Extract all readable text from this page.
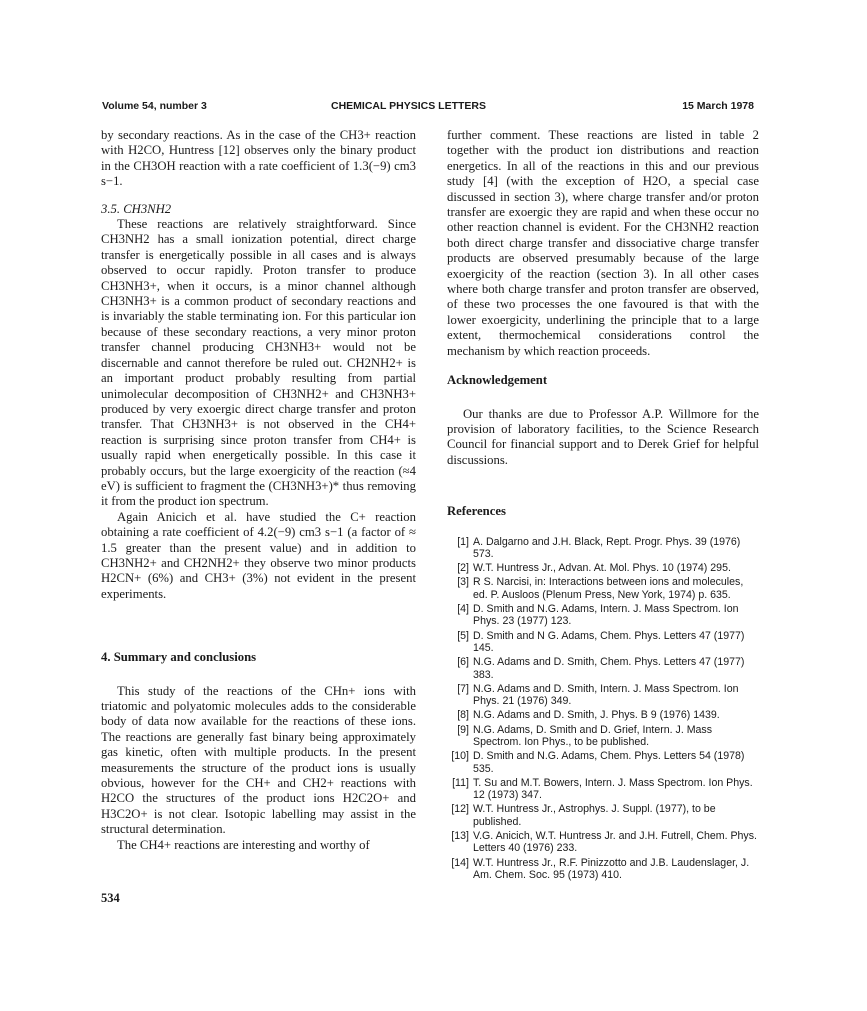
Volume 54, number 3	CHEMICAL PHYSICS LETTERS	15 March 1978

by secondary reactions. As in the case of the CH3+ reaction with H2CO, Huntress [12] observes only the binary product in the CH3OH reaction with a rate coefficient of 1.3(−9) cm3 s−1.

3.5. CH3NH2

These reactions are relatively straightforward. Since CH3NH2 has a small ionization potential, direct charge transfer is energetically possible in all cases and is always observed to occur rapidly. Proton transfer to produce CH3NH3+, when it occurs, is a minor channel although CH3NH3+ is a common product of secondary reactions and is invariably the stable terminating ion. For this particular ion because of these secondary reactions, a very minor proton transfer channel producing CH3NH3+ would not be discernable and cannot therefore be ruled out. CH2NH2+ is an important product probably resulting from partial unimolecular decomposition of CH3NH2+ and CH3NH3+ produced by very exoergic direct charge transfer and proton transfer. That CH3NH3+ is not observed in the CH4+ reaction is surprising since proton transfer from CH4+ is usually rapid when energetically possible. In this case it probably occurs, but the large exoergicity of the reaction (≈4 eV) is sufficient to fragment the (CH3NH3+)* thus removing it from the product ion spectrum.

Again Anicich et al. have studied the C+ reaction obtaining a rate coefficient of 4.2(−9) cm3 s−1 (a factor of ≈ 1.5 greater than the present value) and in addition to CH3NH2+ and CH2NH2+ they observe two minor products H2CN+ (6%) and CH3+ (3%) not evident in the present experiments.

4. Summary and conclusions

This study of the reactions of the CHn+ ions with triatomic and polyatomic molecules adds to the considerable body of data now available for the reactions of these ions. The reactions are generally fast binary being approximately gas kinetic, often with multiple products. In the present measurements the structure of the product ions is usually obvious, however for the CH+ and CH2+ reactions with H2CO the structures of the product ions H2C2O+ and H3C2O+ is not clear. Isotopic labelling may assist in the structural determination.

The CH4+ reactions are interesting and worthy of

further comment. These reactions are listed in table 2 together with the product ion distributions and reaction energetics. In all of the reactions in this and our previous study [4] (with the exception of H2O, a special case discussed in section 3), where charge transfer and/or proton transfer are exoergic they are rapid and when these occur no other reaction channel is evident. For the CH3NH2 reaction both direct charge transfer and dissociative charge transfer products are observed presumably because of the large exoergicity of the reaction (section 3). In all other cases where both charge transfer and proton transfer are observed, of these two processes the one favoured is that with the lower exoergicity, underlining the principle that to a large extent, thermochemical considerations control the mechanism by which reaction proceeds.

Acknowledgement

Our thanks are due to Professor A.P. Willmore for the provision of laboratory facilities, to the Science Research Council for financial support and to Derek Grief for helpful discussions.

References

[1] A. Dalgarno and J.H. Black, Rept. Progr. Phys. 39 (1976) 573.
[2] W.T. Huntress Jr., Advan. At. Mol. Phys. 10 (1974) 295.
[3] R S. Narcisi, in: Interactions between ions and molecules, ed. P. Ausloos (Plenum Press, New York, 1974) p. 635.
[4] D. Smith and N.G. Adams, Intern. J. Mass Spectrom. Ion Phys. 23 (1977) 123.
[5] D. Smith and N G. Adams, Chem. Phys. Letters 47 (1977) 145.
[6] N.G. Adams and D. Smith, Chem. Phys. Letters 47 (1977) 383.
[7] N.G. Adams and D. Smith, Intern. J. Mass Spectrom. Ion Phys. 21 (1976) 349.
[8] N.G. Adams and D. Smith, J. Phys. B 9 (1976) 1439.
[9] N.G. Adams, D. Smith and D. Grief, Intern. J. Mass Spectrom. Ion Phys., to be published.
[10] D. Smith and N.G. Adams, Chem. Phys. Letters 54 (1978) 535.
[11] T. Su and M.T. Bowers, Intern. J. Mass Spectrom. Ion Phys. 12 (1973) 347.
[12] W.T. Huntress Jr., Astrophys. J. Suppl. (1977), to be published.
[13] V.G. Anicich, W.T. Huntress Jr. and J.H. Futrell, Chem. Phys. Letters 40 (1976) 233.
[14] W.T. Huntress Jr., R.F. Pinizzotto and J.B. Laudenslager, J. Am. Chem. Soc. 95 (1973) 410.
534
